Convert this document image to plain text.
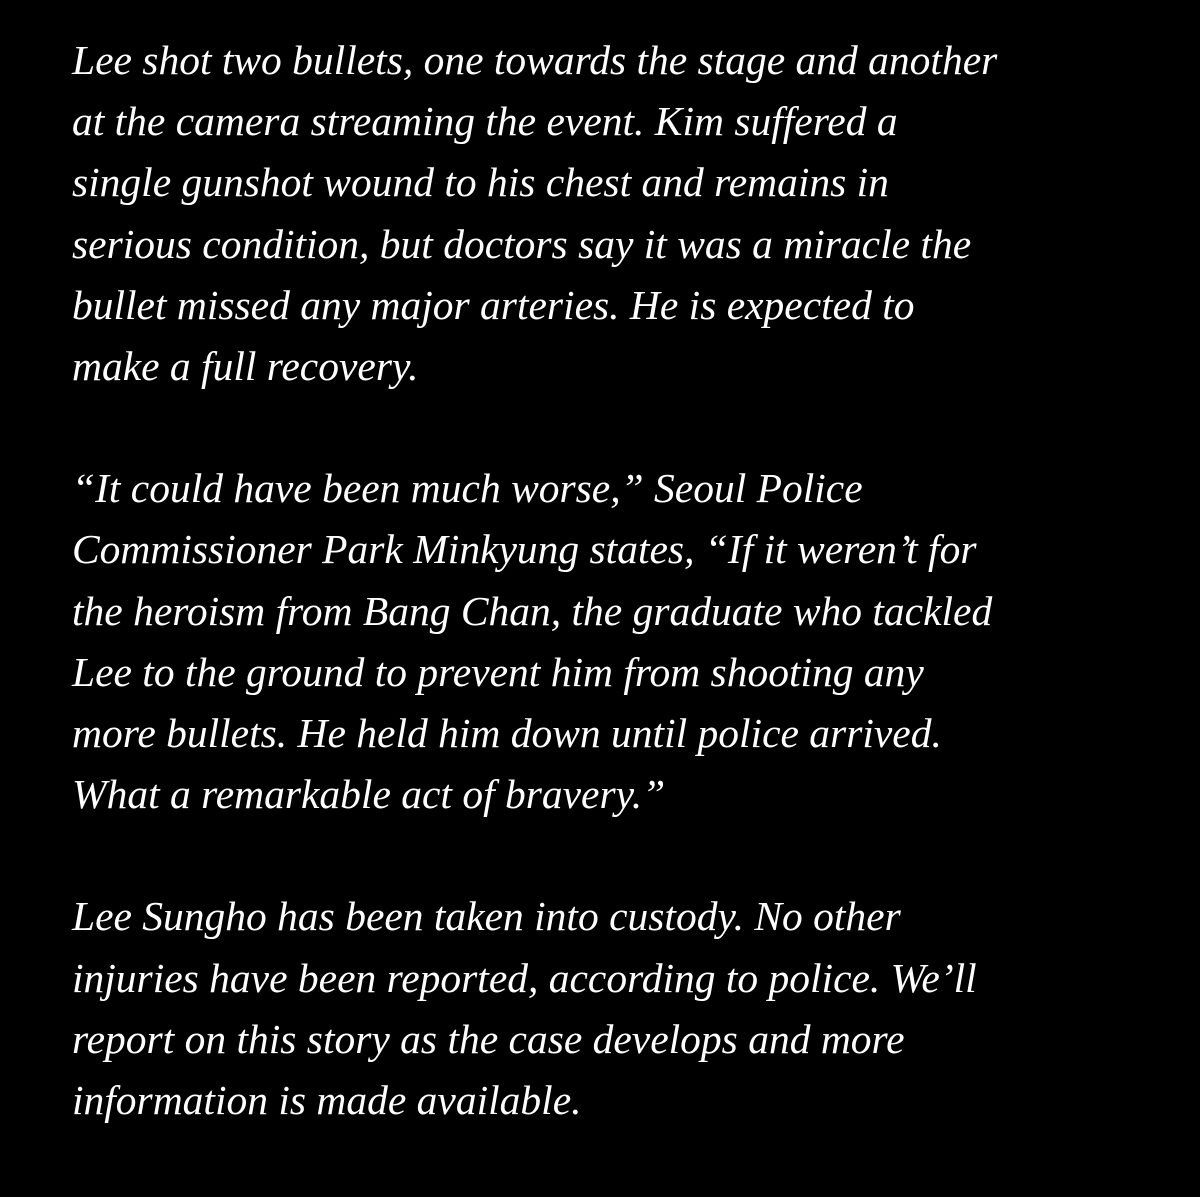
Lee shot two bullets, one towards the stage and another
at the camera streaming the event. Kim suffered a
single gunshot wound to his chest and remains in
serious condition, but doctors say it was a miracle the
bullet missed any major arteries. He is expected to
make a full recovery.
“It could have been much worse,” Seoul Police
Commissioner Park Minkyung states, “If it weren’t for
the heroism from Bang Chan, the graduate who tackled
Lee to the ground to prevent him from shooting any
more bullets. He held him down until police arrived.
What a remarkable act of bravery.”
Lee Sungho has been taken into custody. No other
injuries have been reported, according to police. We’ll
report on this story as the case develops and more
information is made available.
